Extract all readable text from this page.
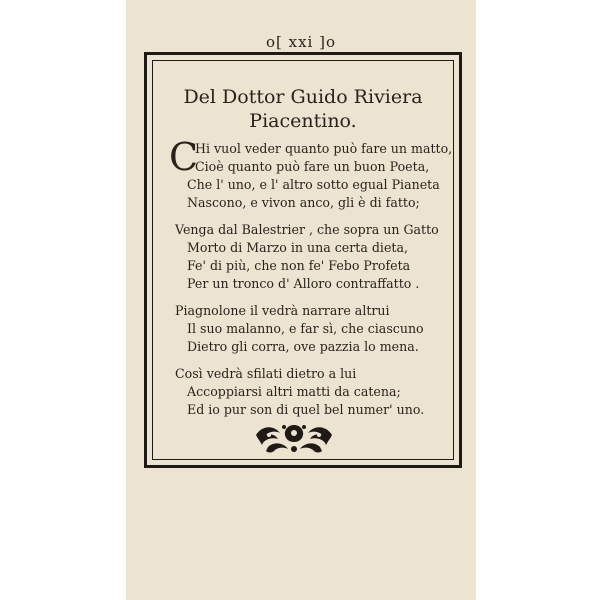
o[ xxi ]o
Del Dottor Guido Riviera
Piacentino.
C
Hi vuol veder quanto può fare un matto,
Cioè quanto può fare un buon Poeta,
Che l' uno, e l' altro sotto egual Pianeta
Nascono, e vivon anco, gli è di fatto;
Venga dal Balestrier , che sopra un Gatto
Morto di Marzo in una certa dieta,
Fe' di più, che non fe' Febo Profeta
Per un tronco d' Alloro contraffatto .
Piagnolone il vedrà narrare altrui
Il suo malanno, e far sì, che ciascuno
Dietro gli corra, ove pazzia lo mena.
Così vedrà sfilati dietro a lui
Accoppiarsi altri matti da catena;
Ed io pur son di quel bel numer' uno.
